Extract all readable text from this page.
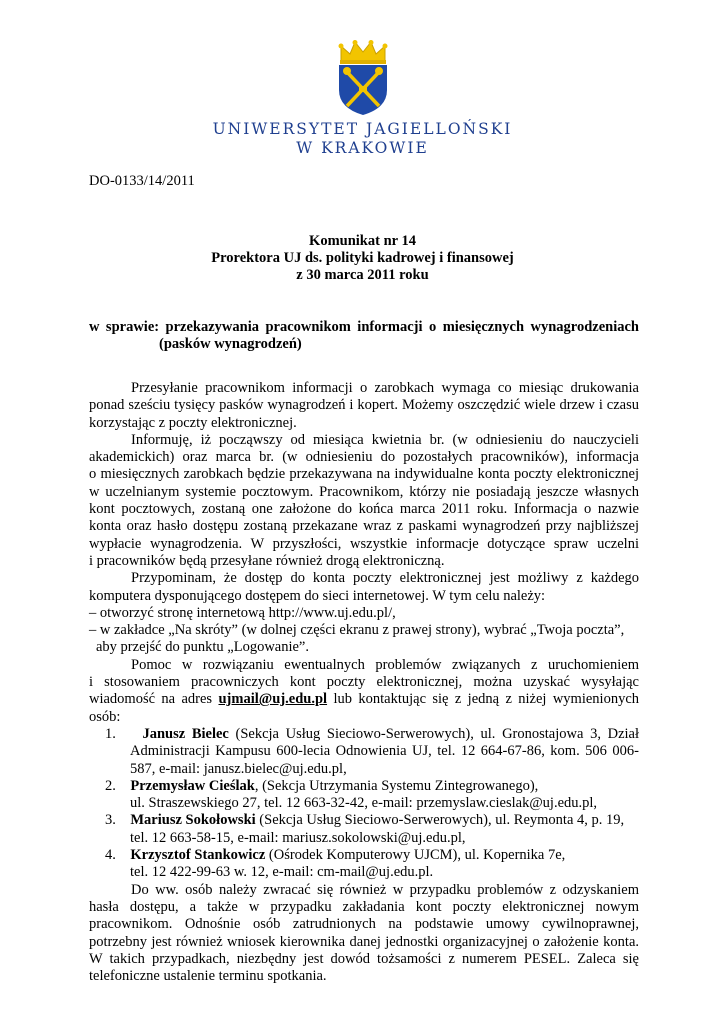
UNIWERSYTET JAGIELLOŃSKI
W KRAKOWIE
DO-0133/14/2011
Komunikat nr 14
Prorektora UJ ds. polityki kadrowej i finansowej
z 30 marca 2011 roku
w sprawie: przekazywania pracownikom informacji o miesięcznych wynagrodzeniach
(pasków wynagrodzeń)
Przesyłanie pracownikom informacji o zarobkach wymaga co miesiąc drukowania
ponad sześciu tysięcy pasków wynagrodzeń i kopert. Możemy oszczędzić wiele drzew i czasu
korzystając z poczty elektronicznej.
Informuję, iż począwszy od miesiąca kwietnia br. (w odniesieniu do nauczycieli
akademickich) oraz marca br. (w odniesieniu do pozostałych pracowników), informacja
o miesięcznych zarobkach będzie przekazywana na indywidualne konta poczty elektronicznej
w uczelnianym systemie pocztowym. Pracownikom, którzy nie posiadają jeszcze własnych
kont pocztowych, zostaną one założone do końca marca 2011 roku. Informacja o nazwie
konta oraz hasło dostępu zostaną przekazane wraz z paskami wynagrodzeń przy najbliższej
wypłacie wynagrodzenia. W przyszłości, wszystkie informacje dotyczące spraw uczelni
i pracowników będą przesyłane również drogą elektroniczną.
Przypominam, że dostęp do konta poczty elektronicznej jest możliwy z każdego
komputera dysponującego dostępem do sieci internetowej. W tym celu należy:
– otworzyć stronę internetową http://www.uj.edu.pl/,
– w zakładce „Na skróty” (w dolnej części ekranu z prawej strony), wybrać „Twoja poczta”,
aby przejść do punktu „Logowanie”.
Pomoc w rozwiązaniu ewentualnych problemów związanych z uruchomieniem
i stosowaniem pracowniczych kont poczty elektronicznej, można uzyskać wysyłając
wiadomość na adres ujmail@uj.edu.pl lub kontaktując się z jedną z niżej wymienionych
osób:
1. Janusz Bielec (Sekcja Usług Sieciowo-Serwerowych), ul. Gronostajowa 3, Dział
Administracji Kampusu 600-lecia Odnowienia UJ, tel. 12 664-67-86, kom. 506 006-
587, e-mail: janusz.bielec@uj.edu.pl,
2. Przemysław Cieślak, (Sekcja Utrzymania Systemu Zintegrowanego),
ul. Straszewskiego 27, tel. 12 663-32-42, e-mail: przemyslaw.cieslak@uj.edu.pl,
3. Mariusz Sokołowski (Sekcja Usług Sieciowo-Serwerowych), ul. Reymonta 4, p. 19,
tel. 12 663-58-15, e-mail: mariusz.sokolowski@uj.edu.pl,
4. Krzysztof Stankowicz (Ośrodek Komputerowy UJCM), ul. Kopernika 7e,
tel. 12 422-99-63 w. 12, e-mail: cm-mail@uj.edu.pl.
Do ww. osób należy zwracać się również w przypadku problemów z odzyskaniem
hasła dostępu, a także w przypadku zakładania kont poczty elektronicznej nowym
pracownikom. Odnośnie osób zatrudnionych na podstawie umowy cywilnoprawnej,
potrzebny jest również wniosek kierownika danej jednostki organizacyjnej o założenie konta.
W takich przypadkach, niezbędny jest dowód tożsamości z numerem PESEL. Zaleca się
telefoniczne ustalenie terminu spotkania.
